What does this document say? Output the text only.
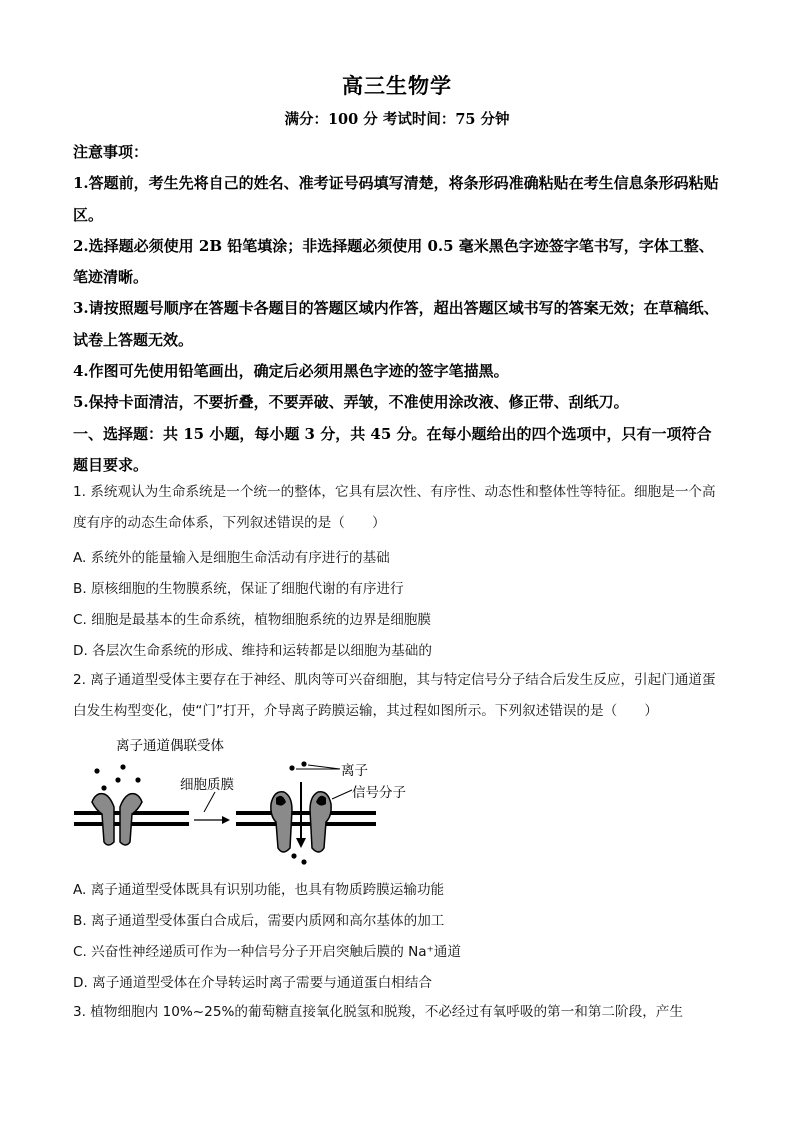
高三生物学
满分：100 分 考试时间：75 分钟
注意事项：
1.答题前，考生先将自己的姓名、准考证号码填写清楚，将条形码准确粘贴在考生信息条形码粘贴区。
2.选择题必须使用 2B 铅笔填涂；非选择题必须使用 0.5 毫米黑色字迹签字笔书写，字体工整、笔迹清晰。
3.请按照题号顺序在答题卡各题目的答题区域内作答，超出答题区域书写的答案无效；在草稿纸、试卷上答题无效。
4.作图可先使用铅笔画出，确定后必须用黑色字迹的签字笔描黑。
5.保持卡面清洁，不要折叠，不要弄破、弄皱，不准使用涂改液、修正带、刮纸刀。
一、选择题：共 15 小题，每小题 3 分，共 45 分。在每小题给出的四个选项中，只有一项符合题目要求。
1. 系统观认为生命系统是一个统一的整体，它具有层次性、有序性、动态性和整体性等特征。细胞是一个高度有序的动态生命体系，下列叙述错误的是（　　）
A. 系统外的能量输入是细胞生命活动有序进行的基础
B. 原核细胞的生物膜系统，保证了细胞代谢的有序进行
C. 细胞是最基本的生命系统，植物细胞系统的边界是细胞膜
D. 各层次生命系统的形成、维持和运转都是以细胞为基础的
2. 离子通道型受体主要存在于神经、肌肉等可兴奋细胞，其与特定信号分子结合后发生反应，引起门通道蛋白发生构型变化，使“门”打开，介导离子跨膜运输，其过程如图所示。下列叙述错误的是（　　）
离子通道偶联受体
细胞质膜
离子
信号分子
A. 离子通道型受体既具有识别功能，也具有物质跨膜运输功能
B. 离子通道型受体蛋白合成后，需要内质网和高尔基体的加工
C. 兴奋性神经递质可作为一种信号分子开启突触后膜的 Na⁺通道
D. 离子通道型受体在介导转运时离子需要与通道蛋白相结合
3. 植物细胞内 10%~25%的葡萄糖直接氧化脱氢和脱羧，不必经过有氧呼吸的第一和第二阶段，产生
